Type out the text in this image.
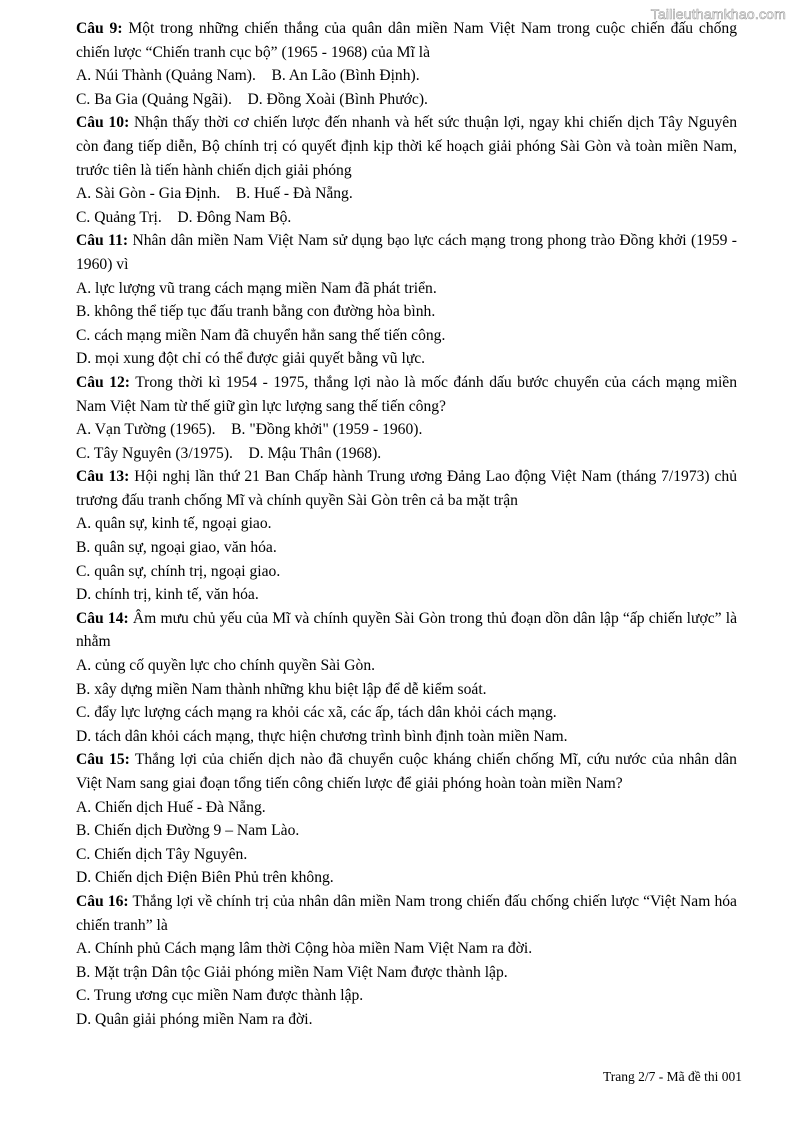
Tailieuthamkhao.com

Câu 9: Một trong những chiến thắng của quân dân miền Nam Việt Nam trong cuộc chiến đấu chống chiến lược “Chiến tranh cục bộ” (1965 - 1968) của Mĩ là

A. Núi Thành (Quảng Nam).    B. An Lão (Bình Định).

C. Ba Gia (Quảng Ngãi).    D. Đồng Xoài (Bình Phước).

Câu 10: Nhận thấy thời cơ chiến lược đến nhanh và hết sức thuận lợi, ngay khi chiến dịch Tây Nguyên còn đang tiếp diễn, Bộ chính trị có quyết định kịp thời kế hoạch giải phóng Sài Gòn và toàn miền Nam, trước tiên là tiến hành chiến dịch giải phóng

A. Sài Gòn - Gia Định.    B. Huế - Đà Nẵng.

C. Quảng Trị.    D. Đông Nam Bộ.

Câu 11: Nhân dân miền Nam Việt Nam sử dụng bạo lực cách mạng trong phong trào Đồng khởi (1959 - 1960) vì

A. lực lượng vũ trang cách mạng miền Nam đã phát triển.

B. không thể tiếp tục đấu tranh bằng con đường hòa bình.

C. cách mạng miền Nam đã chuyển hẳn sang thế tiến công.

D. mọi xung đột chỉ có thể được giải quyết bằng vũ lực.

Câu 12: Trong thời kì 1954 - 1975, thắng lợi nào là mốc đánh dấu bước chuyển của cách mạng miền Nam Việt Nam từ thế giữ gìn lực lượng sang thế tiến công?

A. Vạn Tường (1965).    B. "Đồng khởi" (1959 - 1960).

C. Tây Nguyên (3/1975).    D. Mậu Thân (1968).

Câu 13: Hội nghị lần thứ 21 Ban Chấp hành Trung ương Đảng Lao động Việt Nam (tháng 7/1973) chủ trương đấu tranh chống Mĩ và chính quyền Sài Gòn trên cả ba mặt trận

A. quân sự, kinh tế, ngoại giao.

B. quân sự, ngoại giao, văn hóa.

C. quân sự, chính trị, ngoại giao.

D. chính trị, kinh tế, văn hóa.

Câu 14: Âm mưu chủ yếu của Mĩ và chính quyền Sài Gòn trong thủ đoạn dồn dân lập “ấp chiến lược” là nhằm

A. củng cố quyền lực cho chính quyền Sài Gòn.

B. xây dựng miền Nam thành những khu biệt lập để dễ kiểm soát.

C. đẩy lực lượng cách mạng ra khỏi các xã, các ấp, tách dân khỏi cách mạng.

D. tách dân khỏi cách mạng, thực hiện chương trình bình định toàn miền Nam.

Câu 15: Thắng lợi của chiến dịch nào đã chuyển cuộc kháng chiến chống Mĩ, cứu nước của nhân dân Việt Nam sang giai đoạn tổng tiến công chiến lược để giải phóng hoàn toàn miền Nam?

A. Chiến dịch Huế - Đà Nẵng.

B. Chiến dịch Đường 9 – Nam Lào.

C. Chiến dịch Tây Nguyên.

D. Chiến dịch Điện Biên Phủ trên không.

Câu 16: Thắng lợi về chính trị của nhân dân miền Nam trong chiến đấu chống chiến lược “Việt Nam hóa chiến tranh” là

A. Chính phủ Cách mạng lâm thời Cộng hòa miền Nam Việt Nam ra đời.

B. Mặt trận Dân tộc Giải phóng miền Nam Việt Nam được thành lập.

C. Trung ương cục miền Nam được thành lập.

D. Quân giải phóng miền Nam ra đời.

Trang 2/7 - Mã đề thi 001
